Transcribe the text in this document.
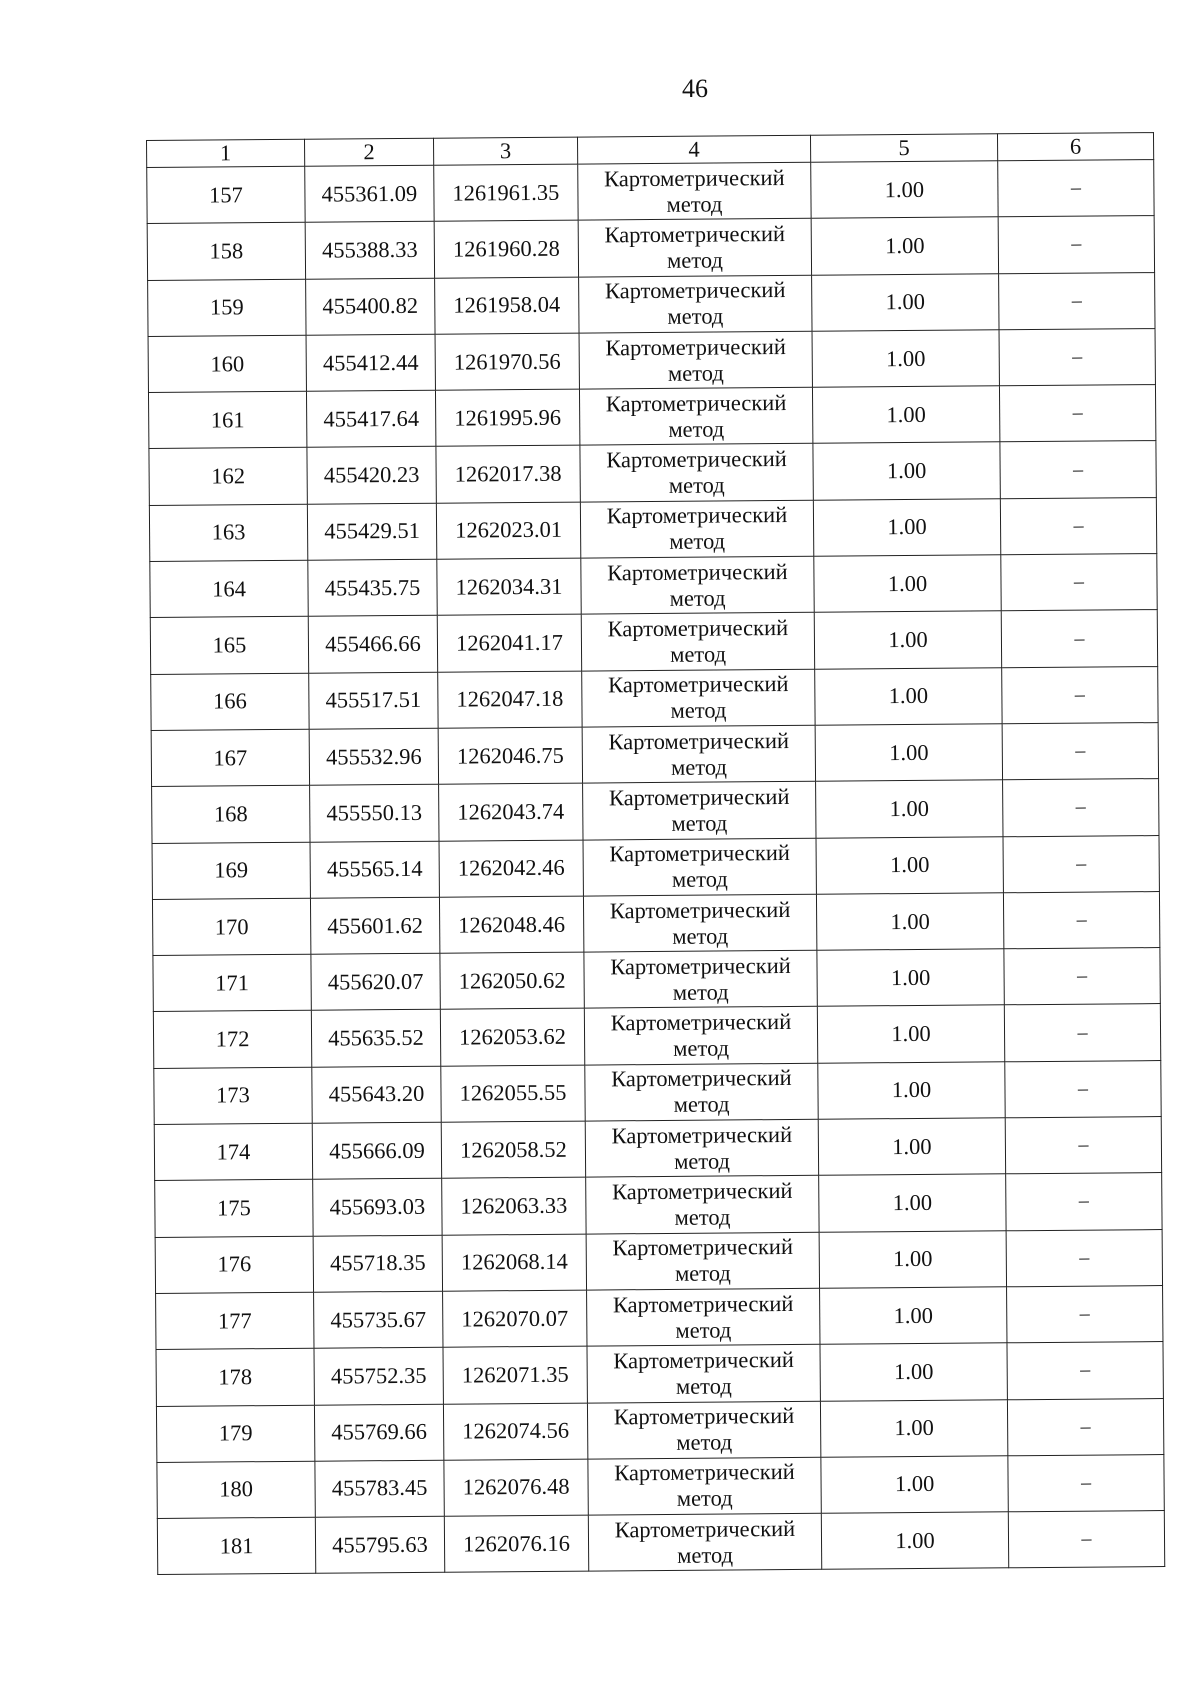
46
1	2	3	4	5	6
157	455361.09	1261961.35	Картометрический метод	1.00	–
158	455388.33	1261960.28	Картометрический метод	1.00	–
159	455400.82	1261958.04	Картометрический метод	1.00	–
160	455412.44	1261970.56	Картометрический метод	1.00	–
161	455417.64	1261995.96	Картометрический метод	1.00	–
162	455420.23	1262017.38	Картометрический метод	1.00	–
163	455429.51	1262023.01	Картометрический метод	1.00	–
164	455435.75	1262034.31	Картометрический метод	1.00	–
165	455466.66	1262041.17	Картометрический метод	1.00	–
166	455517.51	1262047.18	Картометрический метод	1.00	–
167	455532.96	1262046.75	Картометрический метод	1.00	–
168	455550.13	1262043.74	Картометрический метод	1.00	–
169	455565.14	1262042.46	Картометрический метод	1.00	–
170	455601.62	1262048.46	Картометрический метод	1.00	–
171	455620.07	1262050.62	Картометрический метод	1.00	–
172	455635.52	1262053.62	Картометрический метод	1.00	–
173	455643.20	1262055.55	Картометрический метод	1.00	–
174	455666.09	1262058.52	Картометрический метод	1.00	–
175	455693.03	1262063.33	Картометрический метод	1.00	–
176	455718.35	1262068.14	Картометрический метод	1.00	–
177	455735.67	1262070.07	Картометрический метод	1.00	–
178	455752.35	1262071.35	Картометрический метод	1.00	–
179	455769.66	1262074.56	Картометрический метод	1.00	–
180	455783.45	1262076.48	Картометрический метод	1.00	–
181	455795.63	1262076.16	Картометрический метод	1.00	–
